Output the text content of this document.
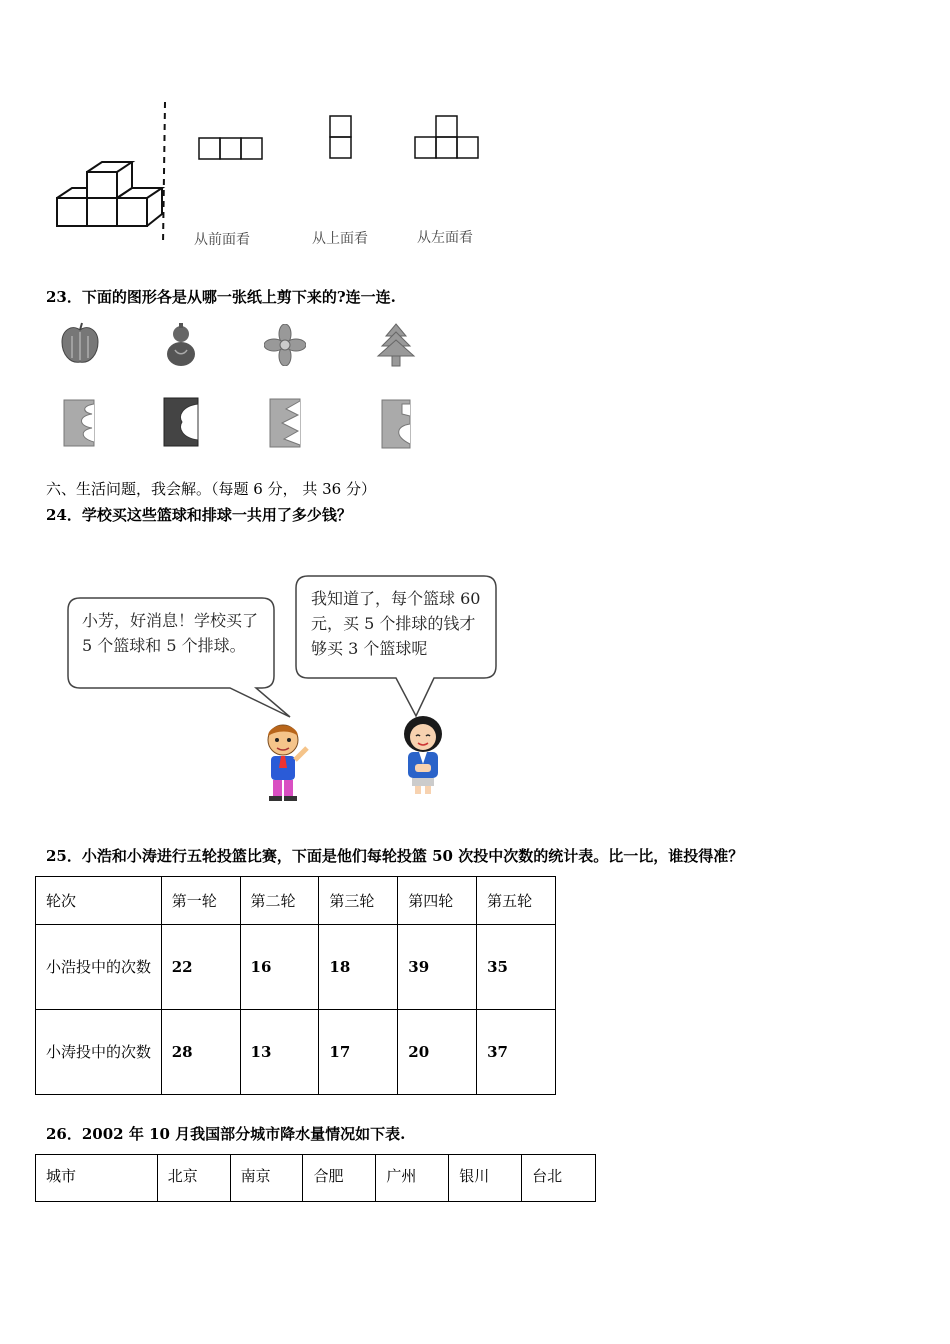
从前面看	从上面看	从左面看
23．下面的图形各是从哪一张纸上剪下来的?连一连.
六、生活问题，我会解。（每题 6 分， 共 36 分）
24．学校买这些篮球和排球一共用了多少钱？
小芳，好消息！学校买了
5 个篮球和 5 个排球。
我知道了，每个篮球 60
元，买 5 个排球的钱才
够买 3 个篮球呢
25．小浩和小涛进行五轮投篮比赛，下面是他们每轮投篮 50 次投中次数的统计表。比一比，谁投得准？
轮次	第一轮	第二轮	第三轮	第四轮	第五轮
小浩投中的次数	22	16	18	39	35
小涛投中的次数	28	13	17	20	37
26．2002 年 10 月我国部分城市降水量情况如下表.
城市	北京	南京	合肥	广州	银川	台北
